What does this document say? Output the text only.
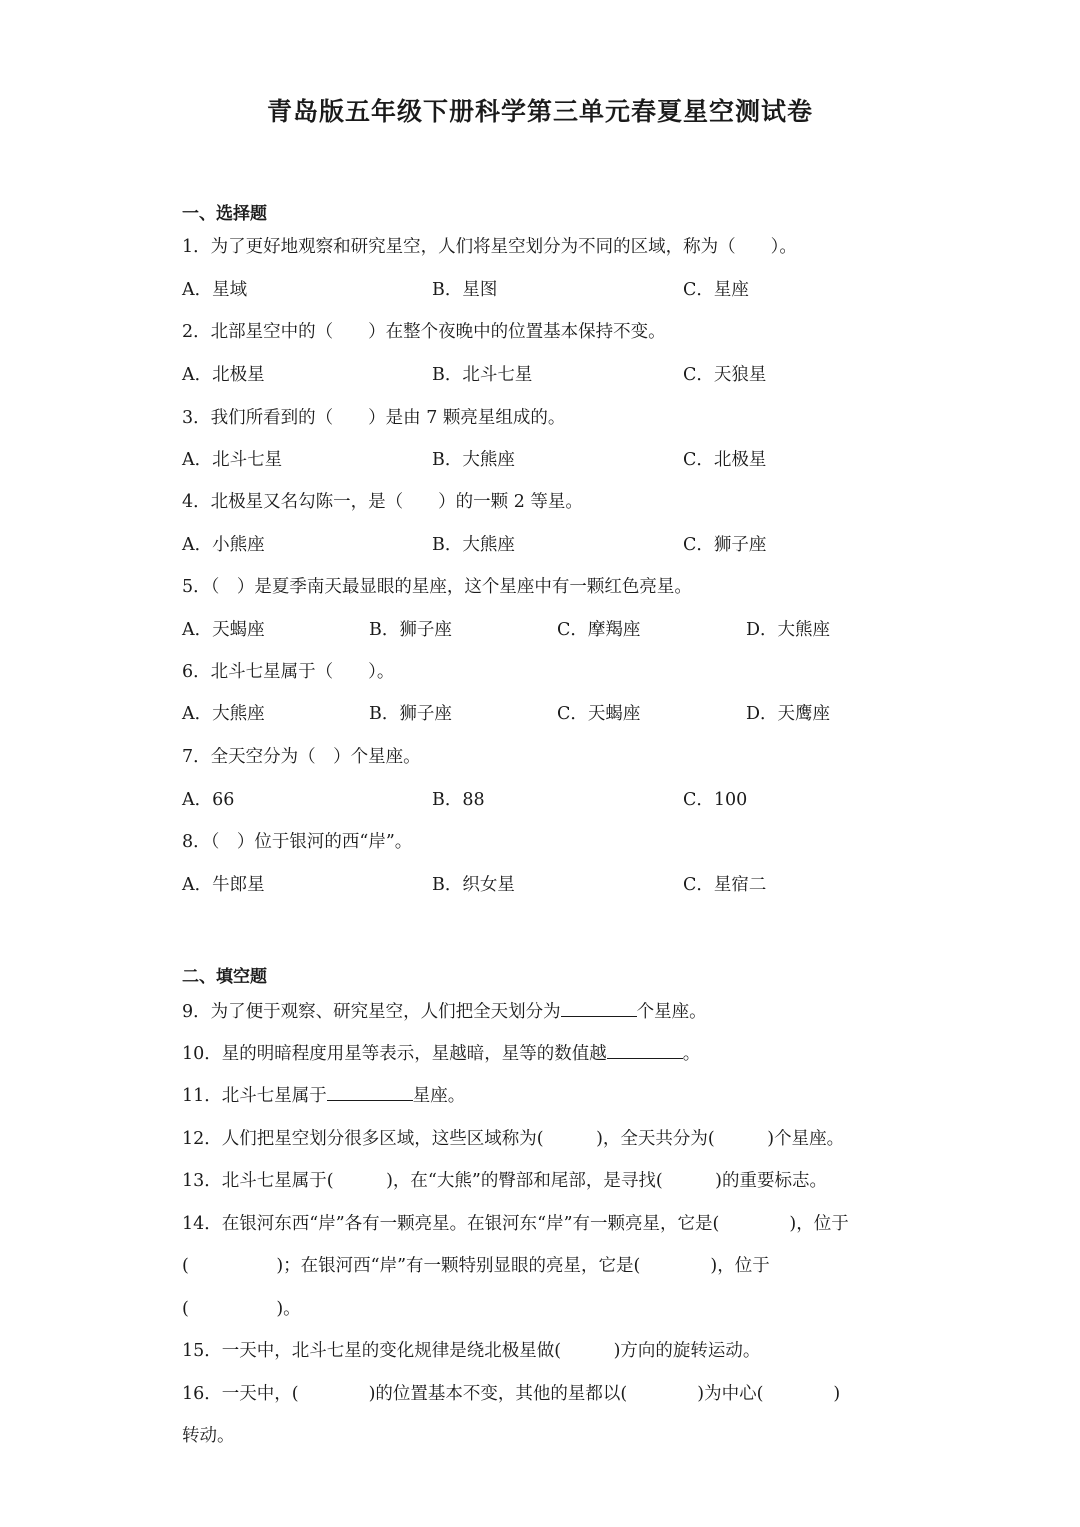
青岛版五年级下册科学第三单元春夏星空测试卷
一、选择题
1．为了更好地观察和研究星空，人们将星空划分为不同的区域，称为（　　）。
A．星域	B．星图	C．星座
2．北部星空中的（　　）在整个夜晚中的位置基本保持不变。
A．北极星	B．北斗七星	C．天狼星
3．我们所看到的（　　）是由 7 颗亮星组成的。
A．北斗七星	B．大熊座	C．北极星
4．北极星又名勾陈一，是（　　）的一颗 2 等星。
A．小熊座	B．大熊座	C．狮子座
5．（　）是夏季南天最显眼的星座，这个星座中有一颗红色亮星。
A．天蝎座	B．狮子座	C．摩羯座	D．大熊座
6．北斗七星属于（　　）。
A．大熊座	B．狮子座	C．天蝎座	D．天鹰座
7．全天空分为（　）个星座。
A．66	B．88	C．100
8．（　）位于银河的西“岸”。
A．牛郎星	B．织女星	C．星宿二
二、填空题
9．为了便于观察、研究星空，人们把全天划分为	个星座。
10．星的明暗程度用星等表示，星越暗，星等的数值越	。
11．北斗七星属于	星座。
12．人们把星空划分很多区域，这些区域称为(　　　)，全天共分为(　　　)个星座。
13．北斗七星属于(　　　)，在“大熊”的臀部和尾部，是寻找(　　　)的重要标志。
14．在银河东西“岸”各有一颗亮星。在银河东“岸”有一颗亮星，它是(　　　　)，位于
(　　　　　)；在银河西“岸”有一颗特别显眼的亮星，它是(　　　　)，位于
(　　　　　)。
15．一天中，北斗七星的变化规律是绕北极星做(　　　)方向的旋转运动。
16．一天中，(　　　　)的位置基本不变，其他的星都以(　　　　)为中心(　　　　)
转动。
